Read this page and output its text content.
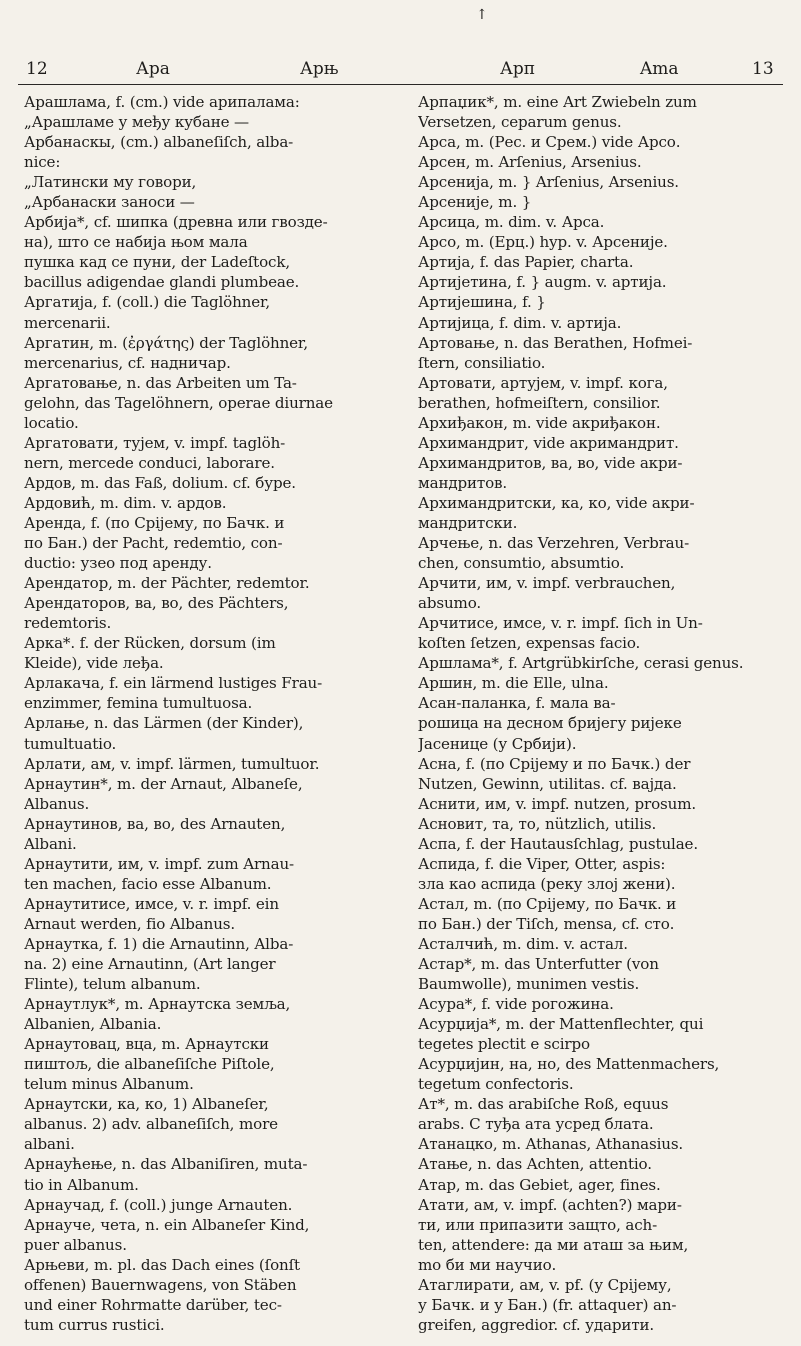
↑
12	Ара	Арњ	Арп	Ama	13

Арашлама, f. (сm.) vide арипалама:

„Арашламе у међу кубане —

Арбанаскы, (сm.) albaneſiſch, alba-

nice:

„Латински му говори,

„Арбанаски заноси —

Арбија*, cf. шипка (древна или гвозде-

на), што се набија њом мала

пушка кад се пуни, der Ladeſtock,

bacillus adigendae glandi plumbeae.

Аргатија, f. (coll.) die Taglöhner,

mercenarii.

Аргатин, m. (ἐργάτης) der Taglöhner,

mercenarius, cf. надничар.

Аргатовање, n. das Arbeiten um Ta-

gelohn, das Tagelöhnern, operae diurnae

locatio.

Аргатовати, тујем, v. impf. taglöh-

nern, mercede conduci, laborare.

Ардов, m. das Faß, dolium. cf. буре.

Ардовић, m. dim. v. ардов.

Аренда, f. (по Срijему, по Бачк. и

по Бан.) der Pacht, redemtio, con-

ductio: узео под аренду.

Арендатор, m. der Pächter, redemtor.

Арендаторов, ва, во, des Pächters,

redemtoris.

Арка*. f. der Rücken, dorsum (im

Kleide), vide леђа.

Арлакача, f. ein lärmend lustiges Frau-

enzimmer, femina tumultuosa.

Арлање, n. das Lärmen (der Kinder),

tumultuatio.

Арлати, ам, v. impf. lärmen, tumultuor.

Арнаутин*, m. der Arnaut, Albaneſe,

Albanus.

Арнаутинов, ва, во, des Arnauten,

Albani.

Арнаутити, им, v. impf. zum Arnau-

ten machen, facio esse Albanum.

Арнаутитисе, имсе, v. r. impf. ein

Arnaut werden, fio Albanus.

Арнаутка, f. 1) die Arnautinn, Alba-

na. 2) eine Arnautinn, (Art langer

Flinte), telum albanum.

Арнаутлук*, m. Арнаутска земља,

Albanien, Albania.

Арнаутовац, вца, m. Арнаутски

пиштољ, die albaneſiſche Piſtole,

telum minus Albanum.

Арнаутски, ка, ко, 1) Albaneſer,

albanus. 2) adv. albaneſiſch, more

albani.

Арнаућење, n. das Albaniſiren, muta-

tio in Albanum.

Арнаучад, f. (coll.) junge Arnauten.

Арнауче, чета, n. ein Albaneſer Kind,

puer albanus.

Арњеви, m. pl. das Dach eines (ſonſt

offenen) Bauernwagens, von Stäben

und einer Rohrmatte darüber, tec-

tum currus rustici.

Арпаџик*, m. eine Art Zwiebeln zum

Versetzen, ceparum genus.

Арса, m. (Рес. и Срем.) vide Арсо.

Арсен, m. Arſenius, Arsenius.

Арсенија, m. } Arſenius, Arsenius.

Арсеније, m. }

Арсица, m. dim. v. Арса.

Арсо, m. (Ерц.) hyp. v. Арсеније.

Артија, f. das Papier, charta.

Артијетина, f. } augm. v. артија.

Артијешина, f. }

Артијица, f. dim. v. артија.

Артовање, n. das Berathen, Hofmei-

ſtern, consiliatio.

Артовати, артујем, v. impf. кога,

berathen, hofmeiſtern, consilior.

Архиђакон, m. vide акриђакон.

Архимандрит, vide акримандрит.

Архимандритов, ва, во, vide акри-

мандритов.

Архимандритски, ка, ко, vide акри-

мандритски.

Арчење, n. das Verzehren, Verbrau-

chen, consumtio, absumtio.

Арчити, им, v. impf. verbrauchen,

absumo.

Арчитисе, имсе, v. r. impf. ſich in Un-

koſten ſetzen, expensas facio.

Аршлама*, f. Artgrübkirſche, cerasi genus.

Аршин, m. die Elle, ulna.

Асан-паланка, f. мала ва-

рошица на десном бријегу ријеке

Јасенице (у Србији).

Асна, f. (по Срijему и по Бачк.) der

Nutzen, Gewinn, utilitas. cf. вајда.

Аснити, им, v. impf. nutzen, prosum.

Асновит, та, то, nützlich, utilis.

Аспа, f. der Hautausſchlag, pustulae.

Аспида, f. die Viper, Otter, aspis:

зла као аспида (реку злој жени).

Астал, m. (по Срijему, по Бачк. и

по Бан.) der Tiſch, mensa, cf. сто.

Асталчић, m. dim. v. астал.

Астар*, m. das Unterfutter (von

Baumwolle), munimen vestis.

Асура*, f. vide рогожина.

Асурџија*, m. der Mattenflechter, qui

tegetes plectit e scirpo

Асурџијин, на, но, des Mattenmachers,

tegetum confectoris.

Ат*, m. das arabiſche Roß, equus

arabs. С туђа ата усред блата.

Атанацко, m. Athanas, Athanasius.

Атање, n. das Achten, attentio.

Атар, m. das Gebiet, ager, fines.

Атати, ам, v. impf. (achten?) мари-

ти, или припазити защто, ach-

ten, attendere: да ми аташ за њим,

mo би ми научио.

Атаглирати, ам, v. pf. (у Срijему,

у Бачк. и у Бан.) (fr. attaquer) an-

greifen, aggredior. cf. ударити.
